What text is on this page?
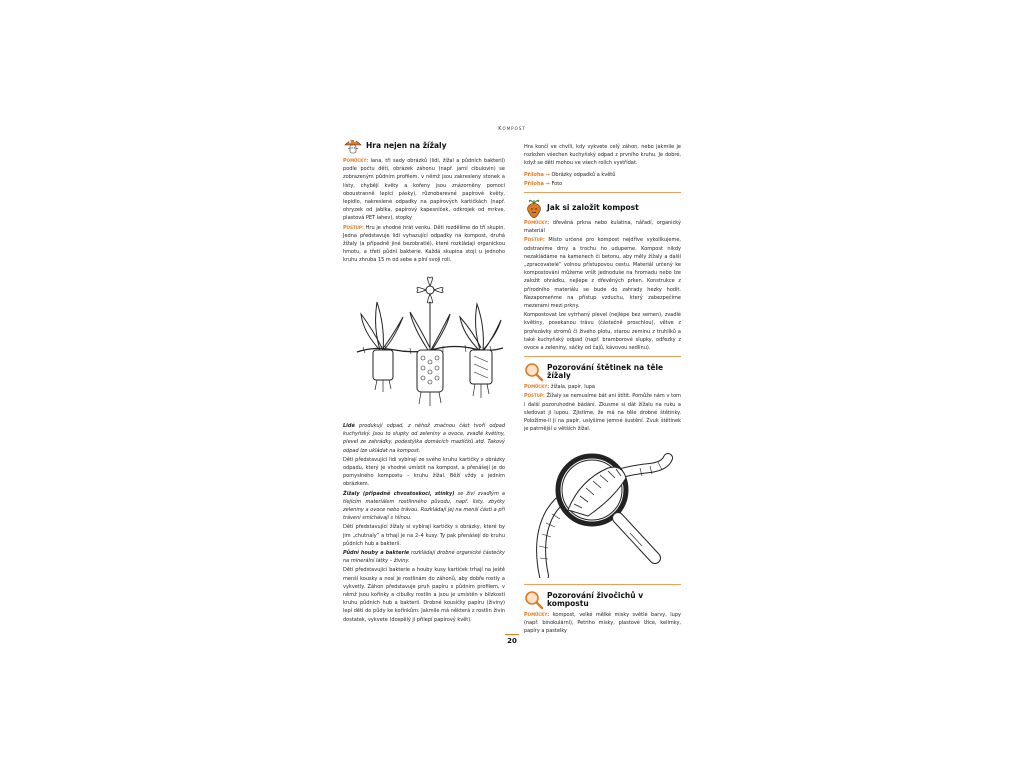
Kompost
Hra nejen na žížaly

Pomůcky: lana, tři sady obrázků (lidí, žížal a půdních bakterií) podle počtu dětí, obrázek záhonu (např. jarní cibulovin) se zobrazeným půdním profilem, v němž jsou zakresleny stonek a listy, chybějí květy a kořeny jsou znázorněny pomocí oboustranně lepicí pásky), různobarevné papírové květy, lepidlo, nakreslené odpadky na papírových kartičkách (např. ohryzek od jablka, papírový kapesníček, odkrojek od mrkve, plastová PET lahev), stopky

Postup: Hru je vhodné hrát venku. Děti rozdělíme do tří skupin. Jedna představuje lidi vyhazující odpadky na kompost, druhá žížaly (a případně jiné bezobratlé), které rozkládají organickou hmotu, a třetí půdní bakterie. Každá skupina stojí u jednoho kruhu zhruba 15 m od sebe a plní svoji roli.

Lidé produkují odpad, z něhož značnou část tvoří odpad kuchyňský. Jsou to slupky od zeleniny a ovoce, zvadlé květiny, plevel ze zahrádky, podestýlka domácích mazlíčků atd. Takový odpad lze ukládat na kompost.

Děti představující lidi vybírají ze svého kruhu kartičky s obrázky odpadu, který je vhodné umístit na kompost, a přenášejí je do pomyslného kompostu – kruhu žížal. Běží vždy s jedním obrázkem.

Žížaly (případně chvostoskoci, stínky) se živí zvadlým a tlejícím materiálem rostlinného původu, např. listy, zbytky zeleniny a ovoce nebo trávou. Rozkládají jej na menší části a při trávení smíchávají s hlínou.

Děti představující žížaly si vybírají kartičky s obrázky, které by jim „chutnaly“ a trhají je na 2–4 kusy. Ty pak přenášejí do kruhu půdních hub a bakterií.

Půdní houby a bakterie rozkládají drobné organické částečky na minerální látky – živiny.

Děti představující bakterie a houby kusy kartiček trhají na ještě menší kousky a nosí je rostlinám do záhonů, aby dobře rostly a vykvetly. Záhon představuje pruh papíru s půdním profilem, v němž jsou kořínky a cibulky rostlin a jsou je umístěn v blízkosti kruhu půdních hub a bakterií. Drobné kousíčky papíru (živiny) lepí děti do půdy ke kořínkům. Jakmile má některá z rostlin živin dostatek, vykvete (dospělý jí přilepí papírový květ).

Hra končí ve chvíli, kdy vykvete celý záhon, nebo jakmile je rozložen všechen kuchyňský odpad z prvního kruhu. Je dobré, když se děti mohou ve všech rolích vystřídat.

Příloha → Obrázky odpadků a květů

Příloha → Foto

Jak si založit kompost

Pomůcky: dřevěná prkna nebo kulatina, nářadí, organický materiál

Postup: Místo určené pro kompost nejdříve vykolíkujeme, odstraníme drny a trochu ho udupeme. Kompost nikdy nezakládáme na kamenech či betonu, aby měly žížaly a další „zpracovatelé“ volnou přístupovou cestu. Materiál určený ke kompostování můžeme vršit jednoduše na hromadu nebo lze založit ohrádku, nejlépe z dřevěných prken. Konstrukce z přírodního materiálu se bude do zahrady hezky hodit. Nezapomeňme na přístup vzduchu, který zabezpečíme mezerami mezi prkny.

Kompostovat lze vytrhaný plevel (nejlépe bez semen), zvadlé květiny, posekanou trávu (částečně proschlou), větve z prořezávky stromů či živého plotu, starou zeminu z truhlíků a také kuchyňský odpad (např. bramborové slupky, odřezky z ovoce a zeleniny, sáčky od čajů, kávovou sedlinu).

Pozorování štětinek na těle žížaly

Pomůcky: žížala, papír, lupa

Postup: Žížaly se nemusíme bát ani štítit. Pomůže nám v tom i další pozoruhodné bádání. Zkusme si dát žížalu na ruku a sledovat ji lupou. Zjistíme, že má na těle drobné štětinky. Položíme-li ji na papír, uslyšíme jemné šustění. Zvuk štětinek je patrnější u větších žížal.

Pozorování živočichů v kompostu

Pomůcky: kompost, velké mělké misky světlé barvy, lupy (např. binokulární), Petriho misky, plastové lžíce, kelímky, papíry a pastelky

20
